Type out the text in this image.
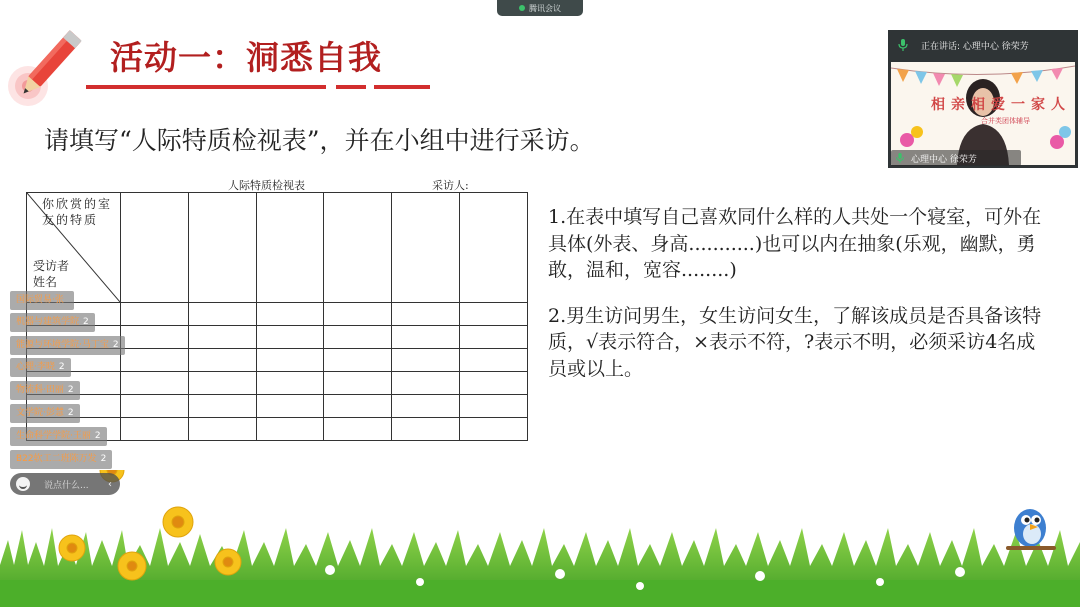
腾讯会议
活动一：洞悉自我
请填写“人际特质检视表”，并在小组中进行采访。
人际特质检视表	采访人:
你欣赏的室友的特质
受访者姓名						

1.在表中填写自己喜欢同什么样的人共处一个寝室，可外在具体(外表、身高...........)也可以内在抽象(乐观，幽默，勇敢，温和，宽容........)

2.男生访问男生，女生访问女生，了解该成员是否具备该特质，√表示符合，×表示不符，?表示不明，必须采访4名成员或以上。

国际贸易·张
机器与建筑学院 2
能源与环境学院·马丁宝 2
心理·李晓 2
物流科·田丽 2
文学院·彭慧 2
生命科学学院·王丽 2
B22软工二班陈万发 2
说点什么...	‹
正在讲话: 心理中心 徐荣芳
相亲相爱一家人
合并类团体辅导
心理中心 徐荣芳
